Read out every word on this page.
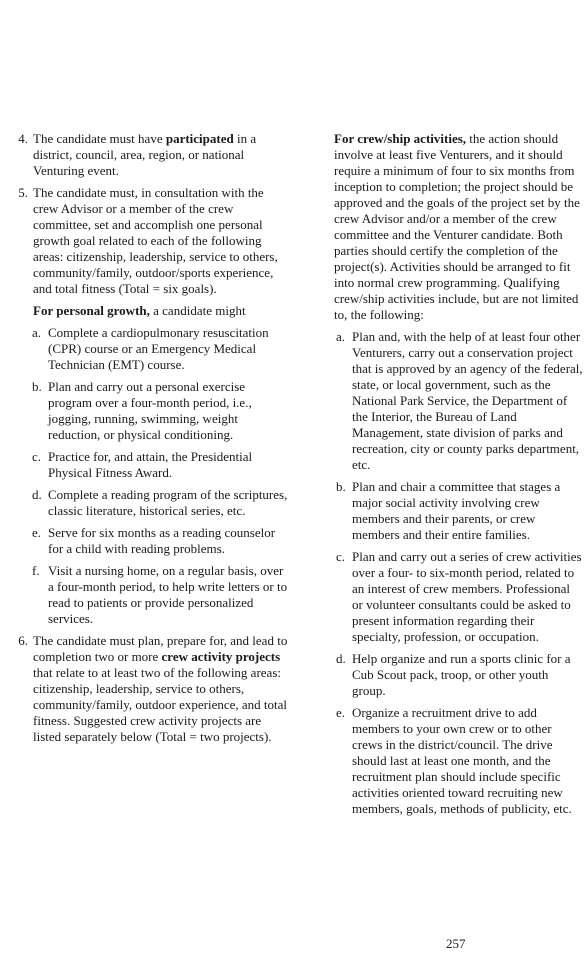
4. The candidate must have participated in a district, council, area, region, or national Venturing event.
5. The candidate must, in consultation with the crew Advisor or a member of the crew committee, set and accomplish one personal growth goal related to each of the following areas: citizenship, leadership, service to others, community/family, outdoor/sports experience, and total fitness (Total = six goals).
For personal growth, a candidate might
a. Complete a cardiopulmonary resuscitation (CPR) course or an Emergency Medical Technician (EMT) course.
b. Plan and carry out a personal exercise program over a four-month period, i.e., jogging, running, swimming, weight reduction, or physical conditioning.
c. Practice for, and attain, the Presidential Physical Fitness Award.
d. Complete a reading program of the scriptures, classic literature, historical series, etc.
e. Serve for six months as a reading counselor for a child with reading problems.
f. Visit a nursing home, on a regular basis, over a four-month period, to help write letters or to read to patients or provide personalized services.
6. The candidate must plan, prepare for, and lead to completion two or more crew activity projects that relate to at least two of the following areas: citizenship, leadership, service to others, community/family, outdoor experience, and total fitness. Suggested crew activity projects are listed separately below (Total = two projects).
For crew/ship activities, the action should involve at least five Venturers, and it should require a minimum of four to six months from inception to completion; the project should be approved and the goals of the project set by the crew Advisor and/or a member of the crew committee and the Venturer candidate. Both parties should certify the completion of the project(s). Activities should be arranged to fit into normal crew programming. Qualifying crew/ship activities include, but are not limited to, the following:
a. Plan and, with the help of at least four other Venturers, carry out a conservation project that is approved by an agency of the federal, state, or local government, such as the National Park Service, the Department of the Interior, the Bureau of Land Management, state division of parks and recreation, city or county parks department, etc.
b. Plan and chair a committee that stages a major social activity involving crew members and their parents, or crew members and their entire families.
c. Plan and carry out a series of crew activities over a four- to six-month period, related to an interest of crew members. Professional or volunteer consultants could be asked to present information regarding their specialty, profession, or occupation.
d. Help organize and run a sports clinic for a Cub Scout pack, troop, or other youth group.
e. Organize a recruitment drive to add members to your own crew or to other crews in the district/council. The drive should last at least one month, and the recruitment plan should include specific activities oriented toward recruiting new members, goals, methods of publicity, etc.
257
